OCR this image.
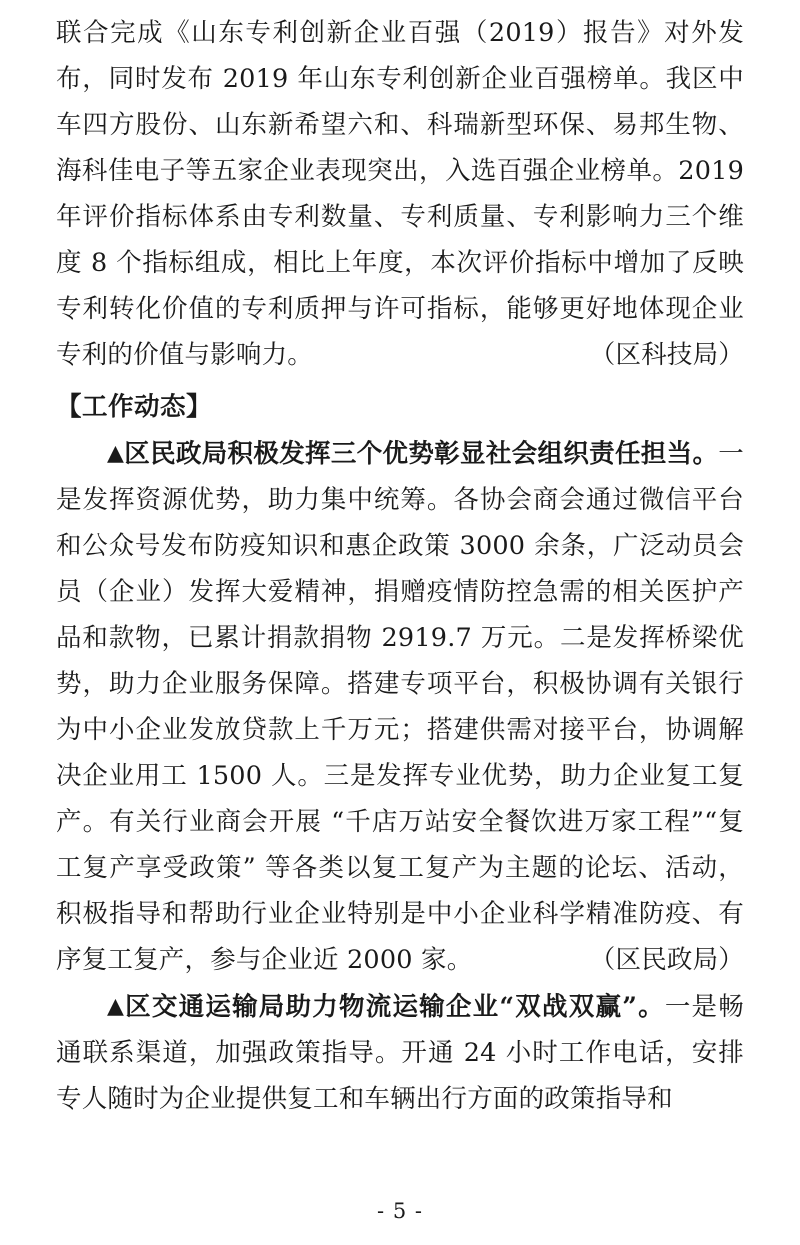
联合完成《山东专利创新企业百强（2019）报告》对外发布，同时发布 2019 年山东专利创新企业百强榜单。我区中车四方股份、山东新希望六和、科瑞新型环保、易邦生物、海科佳电子等五家企业表现突出，入选百强企业榜单。2019 年评价指标体系由专利数量、专利质量、专利影响力三个维度 8 个指标组成，相比上年度，本次评价指标中增加了反映专利转化价值的专利质押与许可指标，能够更好地体现企业专利的价值与影响力。	（区科技局）

【工作动态】

▲区民政局积极发挥三个优势彰显社会组织责任担当。一是发挥资源优势，助力集中统筹。各协会商会通过微信平台和公众号发布防疫知识和惠企政策 3000 余条，广泛动员会员（企业）发挥大爱精神，捐赠疫情防控急需的相关医护产品和款物，已累计捐款捐物 2919.7 万元。二是发挥桥梁优势，助力企业服务保障。搭建专项平台，积极协调有关银行为中小企业发放贷款上千万元；搭建供需对接平台，协调解决企业用工 1500 人。三是发挥专业优势，助力企业复工复产。有关行业商会开展 “千店万站安全餐饮进万家工程”“复工复产享受政策” 等各类以复工复产为主题的论坛、活动，积极指导和帮助行业企业特别是中小企业科学精准防疫、有序复工复产，参与企业近 2000 家。	（区民政局）

▲区交通运输局助力物流运输企业“双战双赢”。一是畅通联系渠道，加强政策指导。开通 24 小时工作电话，安排专人随时为企业提供复工和车辆出行方面的政策指导和

- 5 -
